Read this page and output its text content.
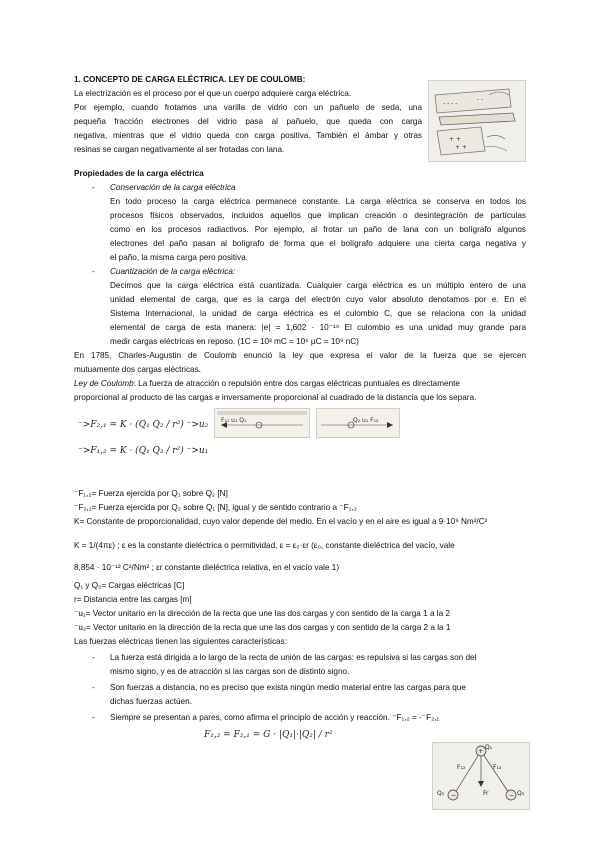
1. CONCEPTO DE CARGA ELÉCTRICA. LEY DE COULOMB:
La electrización es el proceso por el que un cuerpo adquiere carga eléctrica.
Por ejemplo, cuando frotamos una varilla de vidrio con un pañuelo de seda, una
pequeña fracción electrones del vidrio pasa al pañuelo, que queda con carga
negativa, mientras que el vidrio queda con carga positiva. También el ámbar y otras
resinas se cargan negativamente al ser frotadas con lana.
- - - -
- -
+ +
+ +
Propiedades de la carga eléctrica
- Conservación de la carga eléctrica
En todo proceso la carga eléctrica permanece constante. La carga eléctrica se conserva en todos los
procesos físicos observados, incluidos aquellos que implican creación o desintegración de partículas
como en los procesos radiactivos. Por ejemplo, al frotar un paño de lana con un bolígrafo algunos
electrones del paño pasan al bolígrafo de forma que el bolígrafo adquiere una cierta carga negativa y
el paño, la misma carga pero positiva.
- Cuantización de la carga eléctrica:
Decimos que la carga eléctrica está cuantizada. Cualquier carga eléctrica es un múltiplo entero de una
unidad elemental de carga, que es la carga del electrón cuyo valor absoluto denotamos por e. En el
Sistema Internacional, la unidad de carga eléctrica es el culombio C, que se relaciona con la unidad
elemental de carga de esta manera: |e| = 1,602 · 10⁻¹⁹ El culombio es una unidad muy grande para
medir cargas eléctricas en reposo. (1C = 10³ mC = 10⁶ µC = 10⁹ nC)
En 1785, Charles-Augustin de Coulomb enunció la ley que expresa el valor de la fuerza que se ejercen
mutuamente dos cargas eléctricas.
Ley de Coulomb: La fuerza de atracción o repulsión entre dos cargas eléctricas puntuales es directamente
proporcional al producto de las cargas e inversamente proporcional al cuadrado de la distancia que los separa.
⁻>F₂,₁ = K · (Q₁ Q₂ / r²) ⁻>u₂
⁻>F₁,₂ = K · (Q₁ Q₂ / r²) ⁻>u₁
F₂₁ u₁ Q₁	Q₂ u₂ F₁₂
⁻F₁,₂= Fuerza ejercida por Q₁ sobre Q₂ [N]
⁻F₂,₁= Fuerza ejercida por Q₂ sobre Q₁ [N], igual y de sentido contrario a ⁻F₁,₂
K= Constante de proporcionalidad, cuyo valor depende del medio. En el vacío y en el aire es igual a 9·10⁹ Nm²/C²
K = 1/(4πε) ; ε es la constante dieléctrica o permitividad, ε = ε₀·εr (ε₀, constante dieléctrica del vacío, vale
8,854 · 10⁻¹² C²/Nm² ; εr constante dieléctrica relativa, en el vacío vale 1)
Q₁ y Q₂= Cargas eléctricas [C]
r= Distancia entre las cargas [m]
⁻u₁= Vector unitario en la dirección de la recta que une las dos cargas y con sentido de la carga 1 a la 2
⁻u₂= Vector unitario en la dirección de la recta que une las dos cargas y con sentido de la carga 2 a la 1
Las fuerzas eléctricas tienen las siguientes características:
- La fuerza está dirigida a lo largo de la recta de unión de las cargas: es repulsiva si las cargas son del
mismo signo, y es de atracción si las cargas son de distinto signo.
- Son fuerzas a distancia, no es preciso que exista ningún medio material entre las cargas para que
dichas fuerzas actúen.
- Siempre se presentan a pares, como afirma el principio de acción y reacción. ⁻F₁,₂ = -⁻F₂,₁
F₁,₂ = F₂,₁ = G · |Q₁|·|Q₂| / r²
+
−	−
Q₂	Q₃
Q₁
F₁₂	F₁₃
Fr
